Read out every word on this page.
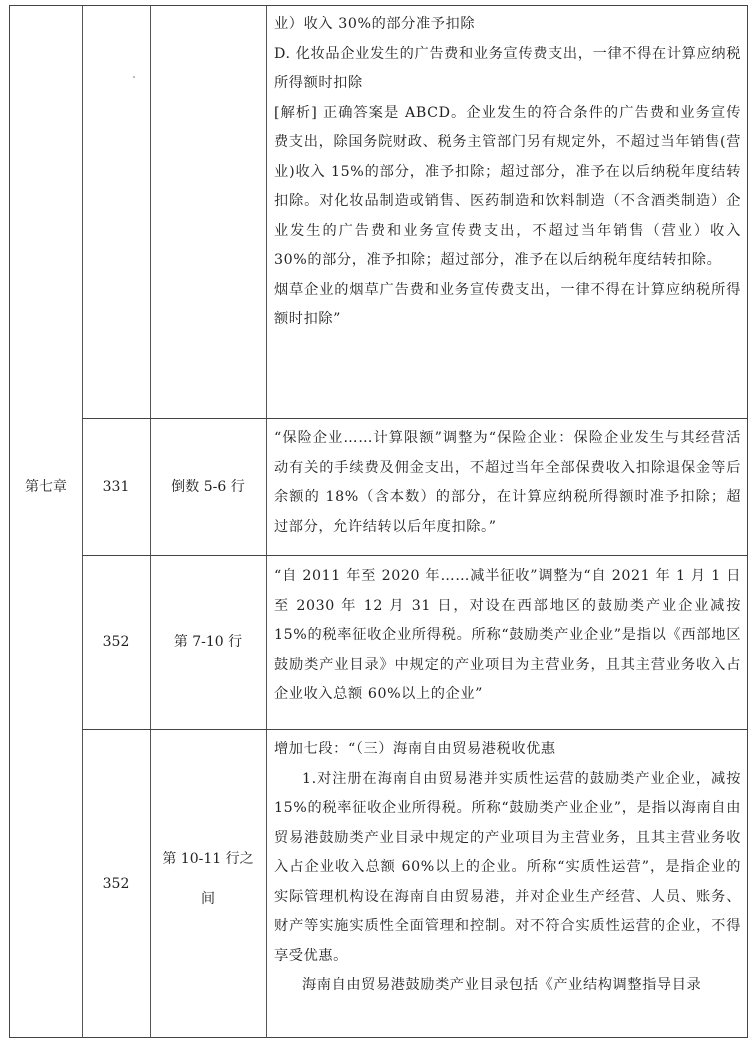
第七章

业）收入 30%的部分准予扣除

D. 化妆品企业发生的广告费和业务宣传费支出，一律不得在计算应纳税所得额时扣除

[解析] 正确答案是 ABCD。企业发生的符合条件的广告费和业务宣传费支出，除国务院财政、税务主管部门另有规定外，不超过当年销售(营业)收入 15%的部分，准予扣除；超过部分，准予在以后纳税年度结转扣除。对化妆品制造或销售、医药制造和饮料制造（不含酒类制造）企业发生的广告费和业务宣传费支出，不超过当年销售（营业）收入 30%的部分，准予扣除；超过部分，准予在以后纳税年度结转扣除。

烟草企业的烟草广告费和业务宣传费支出，一律不得在计算应纳税所得额时扣除”

331	倒数 5-6 行

“保险企业……计算限额”调整为“保险企业：保险企业发生与其经营活动有关的手续费及佣金支出，不超过当年全部保费收入扣除退保金等后余额的 18%（含本数）的部分，在计算应纳税所得额时准予扣除；超过部分，允许结转以后年度扣除。”

352	第 7-10 行

“自 2011 年至 2020 年……减半征收”调整为“自 2021 年 1 月 1 日至 2030 年 12 月 31 日，对设在西部地区的鼓励类产业企业减按 15%的税率征收企业所得税。所称“鼓励类产业企业”是指以《西部地区鼓励类产业目录》中规定的产业项目为主营业务，且其主营业务收入占企业收入总额 60%以上的企业”

352
第 10-11 行之间

增加七段：“（三）海南自由贸易港税收优惠

1.对注册在海南自由贸易港并实质性运营的鼓励类产业企业，减按 15%的税率征收企业所得税。所称“鼓励类产业企业”，是指以海南自由贸易港鼓励类产业目录中规定的产业项目为主营业务，且其主营业务收入占企业收入总额 60%以上的企业。所称“实质性运营”，是指企业的实际管理机构设在海南自由贸易港，并对企业生产经营、人员、账务、财产等实施实质性全面管理和控制。对不符合实质性运营的企业，不得享受优惠。

海南自由贸易港鼓励类产业目录包括《产业结构调整指导目录
